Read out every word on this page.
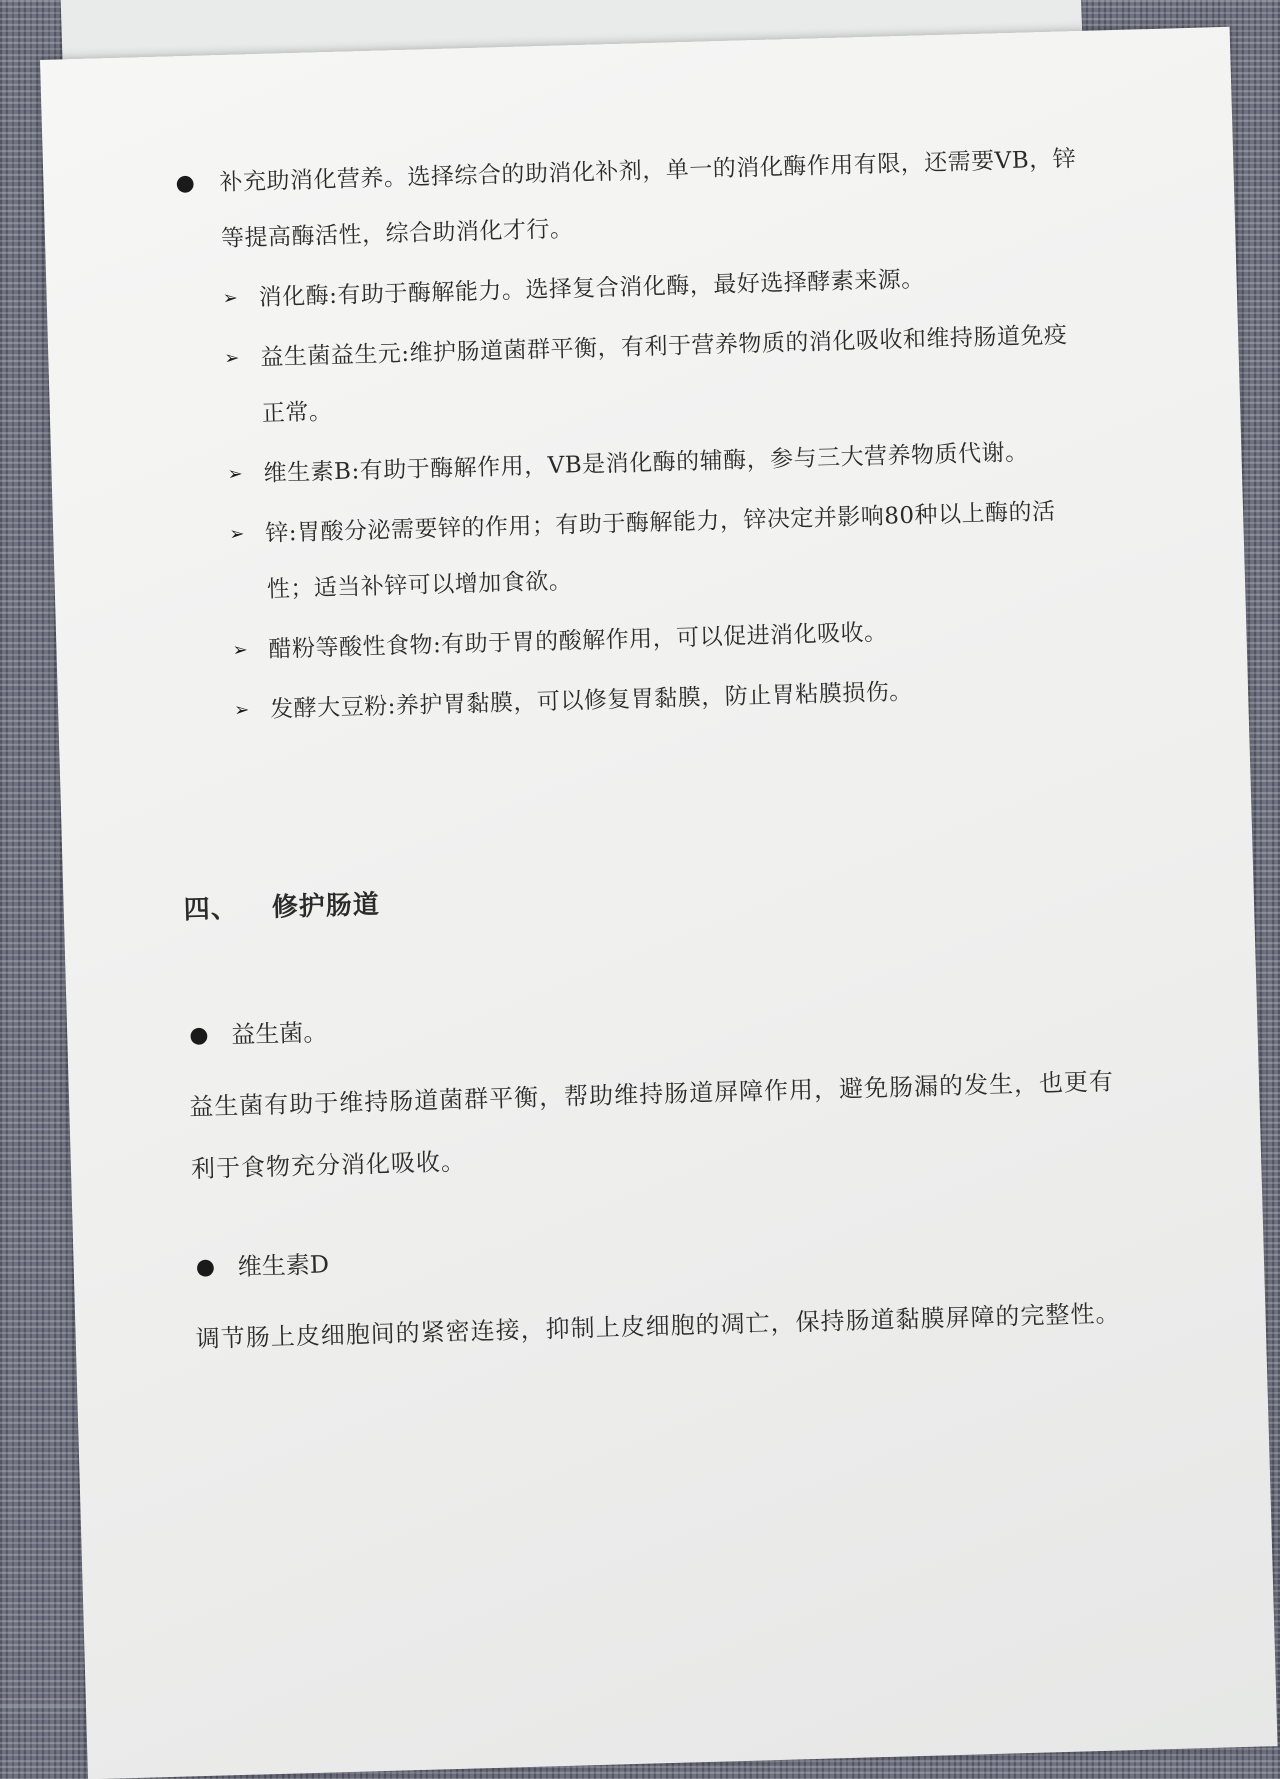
● 补充助消化营养。选择综合的助消化补剂，单一的消化酶作用有限，还需要VB，锌等提高酶活性，综合助消化才行。
➢ 消化酶:有助于酶解能力。选择复合消化酶，最好选择酵素来源。
➢ 益生菌益生元:维护肠道菌群平衡，有利于营养物质的消化吸收和维持肠道免疫正常。
➢ 维生素B:有助于酶解作用，VB是消化酶的辅酶，参与三大营养物质代谢。
➢ 锌:胃酸分泌需要锌的作用；有助于酶解能力，锌决定并影响80种以上酶的活性；适当补锌可以增加食欲。
➢ 醋粉等酸性食物:有助于胃的酸解作用，可以促进消化吸收。
➢ 发酵大豆粉:养护胃黏膜，可以修复胃黏膜，防止胃粘膜损伤。
四、 修护肠道
● 益生菌。
益生菌有助于维持肠道菌群平衡，帮助维持肠道屏障作用，避免肠漏的发生，也更有利于食物充分消化吸收。
● 维生素D
调节肠上皮细胞间的紧密连接，抑制上皮细胞的凋亡，保持肠道黏膜屏障的完整性。
